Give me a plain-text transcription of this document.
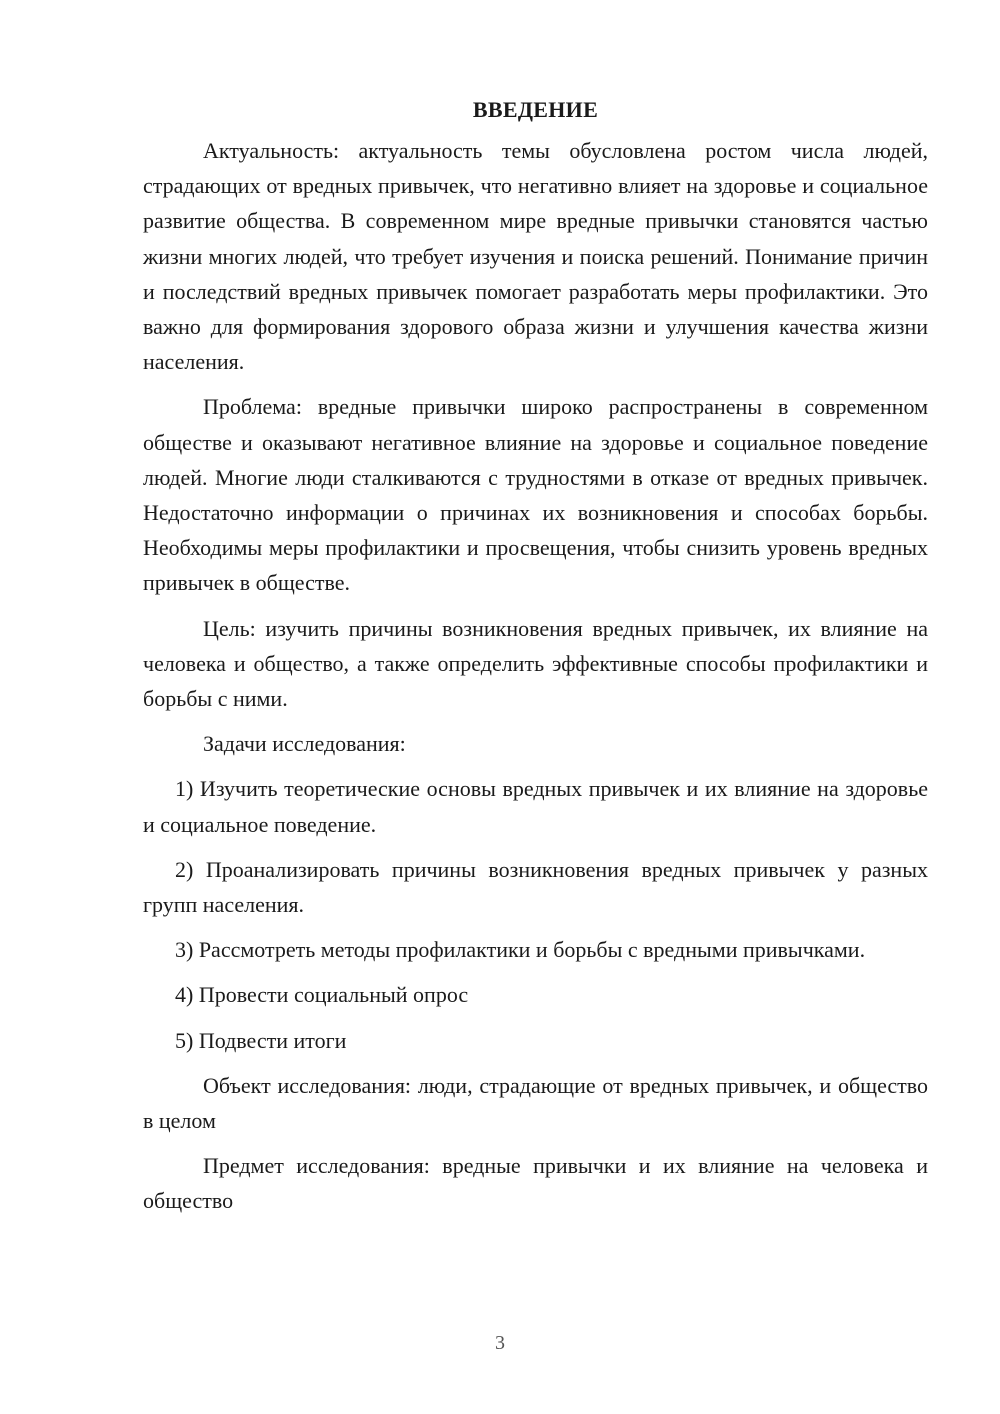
ВВЕДЕНИЕ

Актуальность: актуальность темы обусловлена ростом числа людей, страдающих от вредных привычек, что негативно влияет на здоровье и социальное развитие общества. В современном мире вредные привычки становятся частью жизни многих людей, что требует изучения и поиска решений. Понимание причин и последствий вредных привычек помогает разработать меры профилактики. Это важно для формирования здорового образа жизни и улучшения качества жизни населения.

Проблема: вредные привычки широко распространены в современном обществе и оказывают негативное влияние на здоровье и социальное поведение людей. Многие люди сталкиваются с трудностями в отказе от вредных привычек. Недостаточно информации о причинах их возникновения и способах борьбы. Необходимы меры профилактики и просвещения, чтобы снизить уровень вредных привычек в обществе.

Цель: изучить причины возникновения вредных привычек, их влияние на человека и общество, а также определить эффективные способы профилактики и борьбы с ними.

Задачи исследования:

1) Изучить теоретические основы вредных привычек и их влияние на здоровье и социальное поведение.

2) Проанализировать причины возникновения вредных привычек у разных групп населения.

3) Рассмотреть методы профилактики и борьбы с вредными привычками.

4) Провести социальный опрос

5) Подвести итоги

Объект исследования: люди, страдающие от вредных привычек, и общество в целом

Предмет исследования: вредные привычки и их влияние на человека и общество

3
